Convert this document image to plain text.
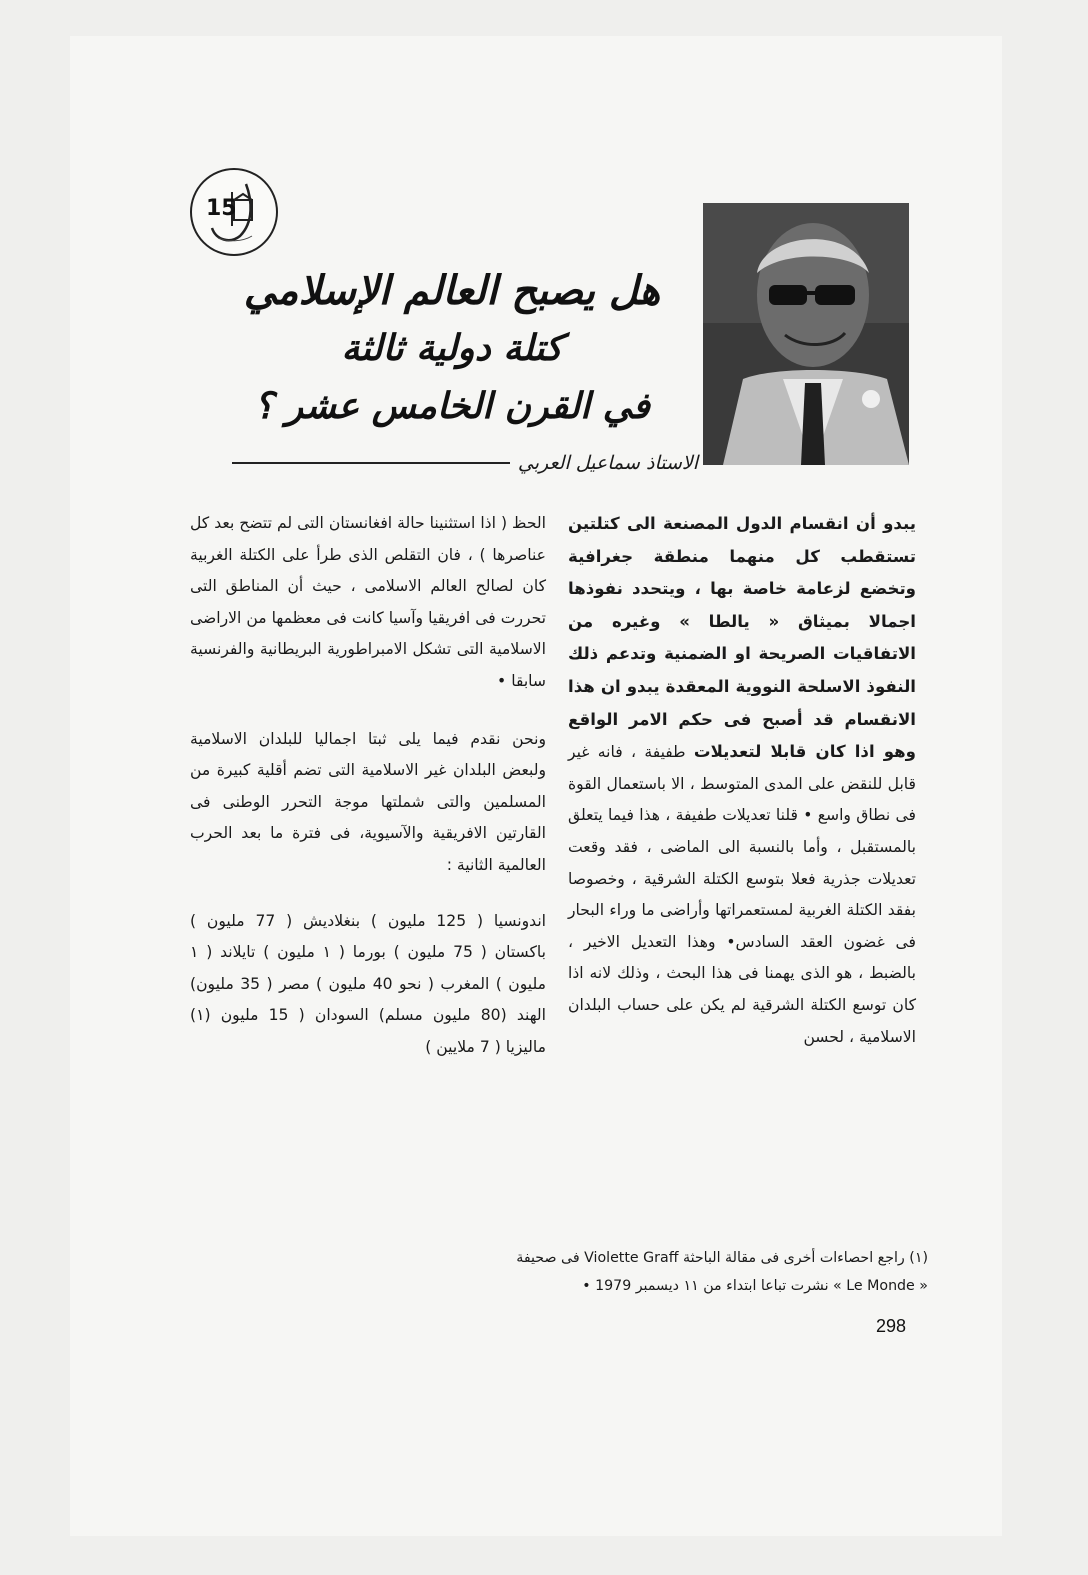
15
هل يصبح العالم الإسلامي
كتلة دولية ثالثة
في القرن الخامس عشر ؟
الاستاذ سماعيل العربي
يبدو أن انقسام الدول المصنعة الى كتلتين تستقطب كل منهما منطقة جغرافية وتخضع لزعامة خاصة بها ، ويتحدد نفوذها اجمالا بميثاق « يالطا » وغيره من الاتفاقيات الصريحة او الضمنية وتدعم ذلك النفوذ الاسلحة النووية المعقدة يبدو ان هذا الانقسام قد أصبح فى حكم الامر الواقع وهو اذا كان قابلا لتعديلات طفيفة ، فانه غير قابل للنقض على المدى المتوسط ، الا باستعمال القوة فى نطاق واسع • قلنا تعديلات طفيفة ، هذا فيما يتعلق بالمستقبل ، وأما بالنسبة الى الماضى ، فقد وقعت تعديلات جذرية فعلا بتوسع الكتلة الشرقية ، وخصوصا بفقد الكتلة الغربية لمستعمراتها وأراضى ما وراء البحار فى غضون العقد السادس• وهذا التعديل الاخير ، بالضبط ، هو الذى يهمنا فى هذا البحث ، وذلك لانه اذا كان توسع الكتلة الشرقية لم يكن على حساب البلدان الاسلامية ، لحسن

الحظ ( اذا استثنينا حالة افغانستان التى لم تتضح بعد كل عناصرها ) ، فان التقلص الذى طرأ على الكتلة الغربية كان لصالح العالم الاسلامى ، حيث أن المناطق التى تحررت فى افريقيا وآسيا كانت فى معظمها من الاراضى الاسلامية التى تشكل الامبراطورية البريطانية والفرنسية سابقا •

ونحن نقدم فيما يلى ثبتا اجماليا للبلدان الاسلامية ولبعض البلدان غير الاسلامية التى تضم أقلية كبيرة من المسلمين والتى شملتها موجة التحرر الوطنى فى القارتين الافريقية والآسيوية، فى فترة ما بعد الحرب العالمية الثانية :

اندونسيا ( 125 مليون ) بنغلاديش ( 77 مليون ) باكستان ( 75 مليون ) بورما ( ١ مليون ) تايلاند ( ١ مليون ) المغرب ( نحو 40 مليون ) مصر ( 35 مليون) الهند (80 مليون مسلم) السودان ( 15 مليون (١) ماليزيا ( 7 ملايين )

(١) راجع احصاءات أخرى فى مقالة الباحثة Violette Graff فى صحيفة
« Le Monde » نشرت تباعا ابتداء من ١١ ديسمبر 1979 •
298
